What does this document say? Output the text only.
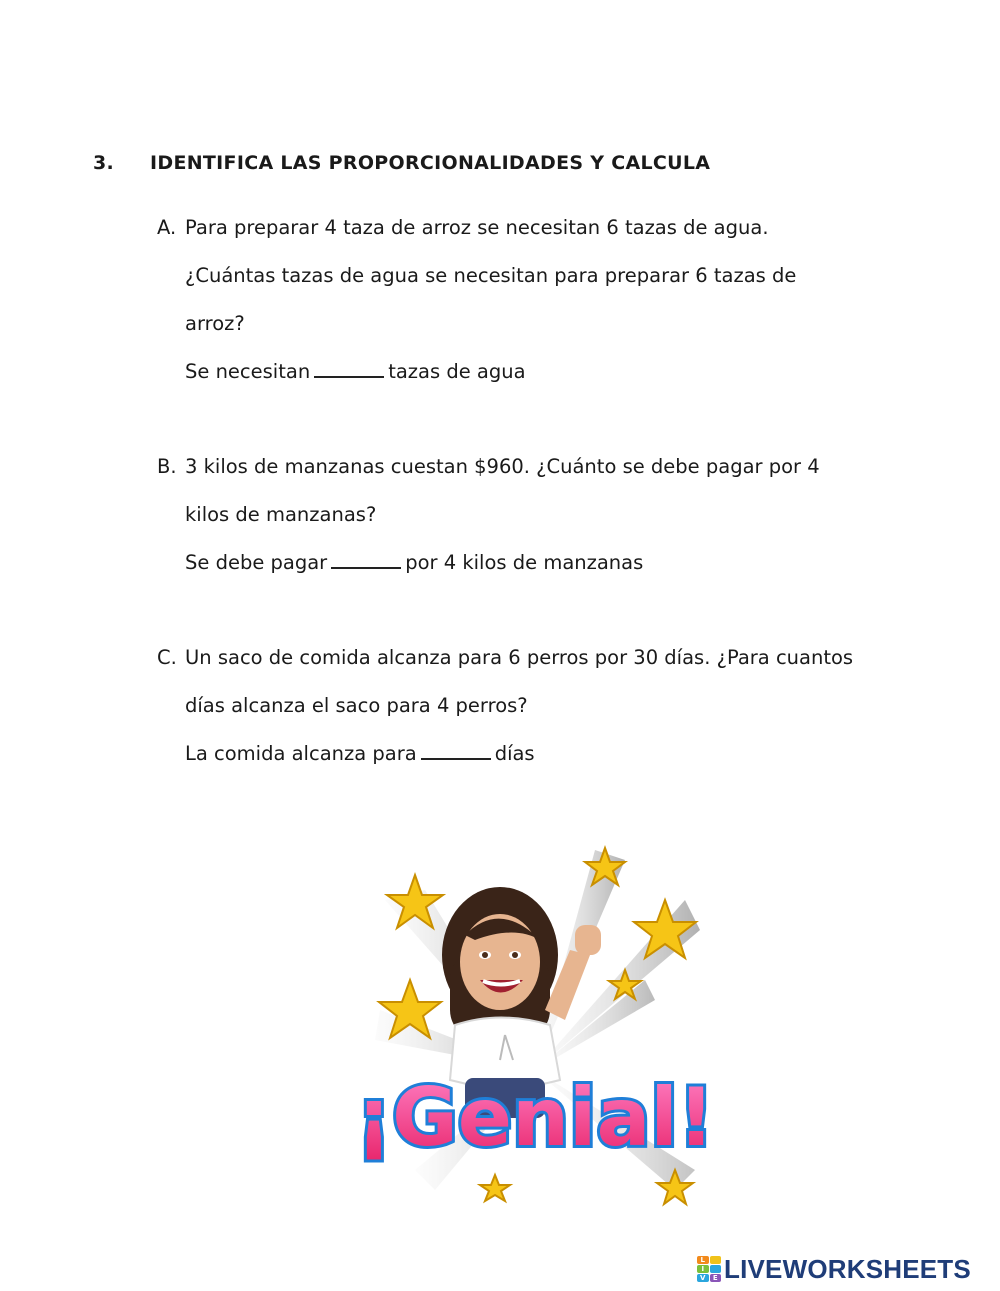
3. IDENTIFICA LAS PROPORCIONALIDADES Y CALCULA
A. Para preparar 4 taza de arroz se necesitan 6 tazas de agua.
¿Cuántas tazas de agua se necesitan para preparar 6 tazas de
arroz?
Se necesitan	tazas de agua
B. 3 kilos de manzanas cuestan $960. ¿Cuánto se debe pagar por 4
kilos de manzanas?
Se debe pagar	por 4 kilos de manzanas
C. Un saco de comida alcanza para 6 perros por 30 días. ¿Para cuantos
días alcanza el saco para 4 perros?
La comida alcanza para	días
¡Genial!
L
I
V	E LIVEWORKSHEETS
